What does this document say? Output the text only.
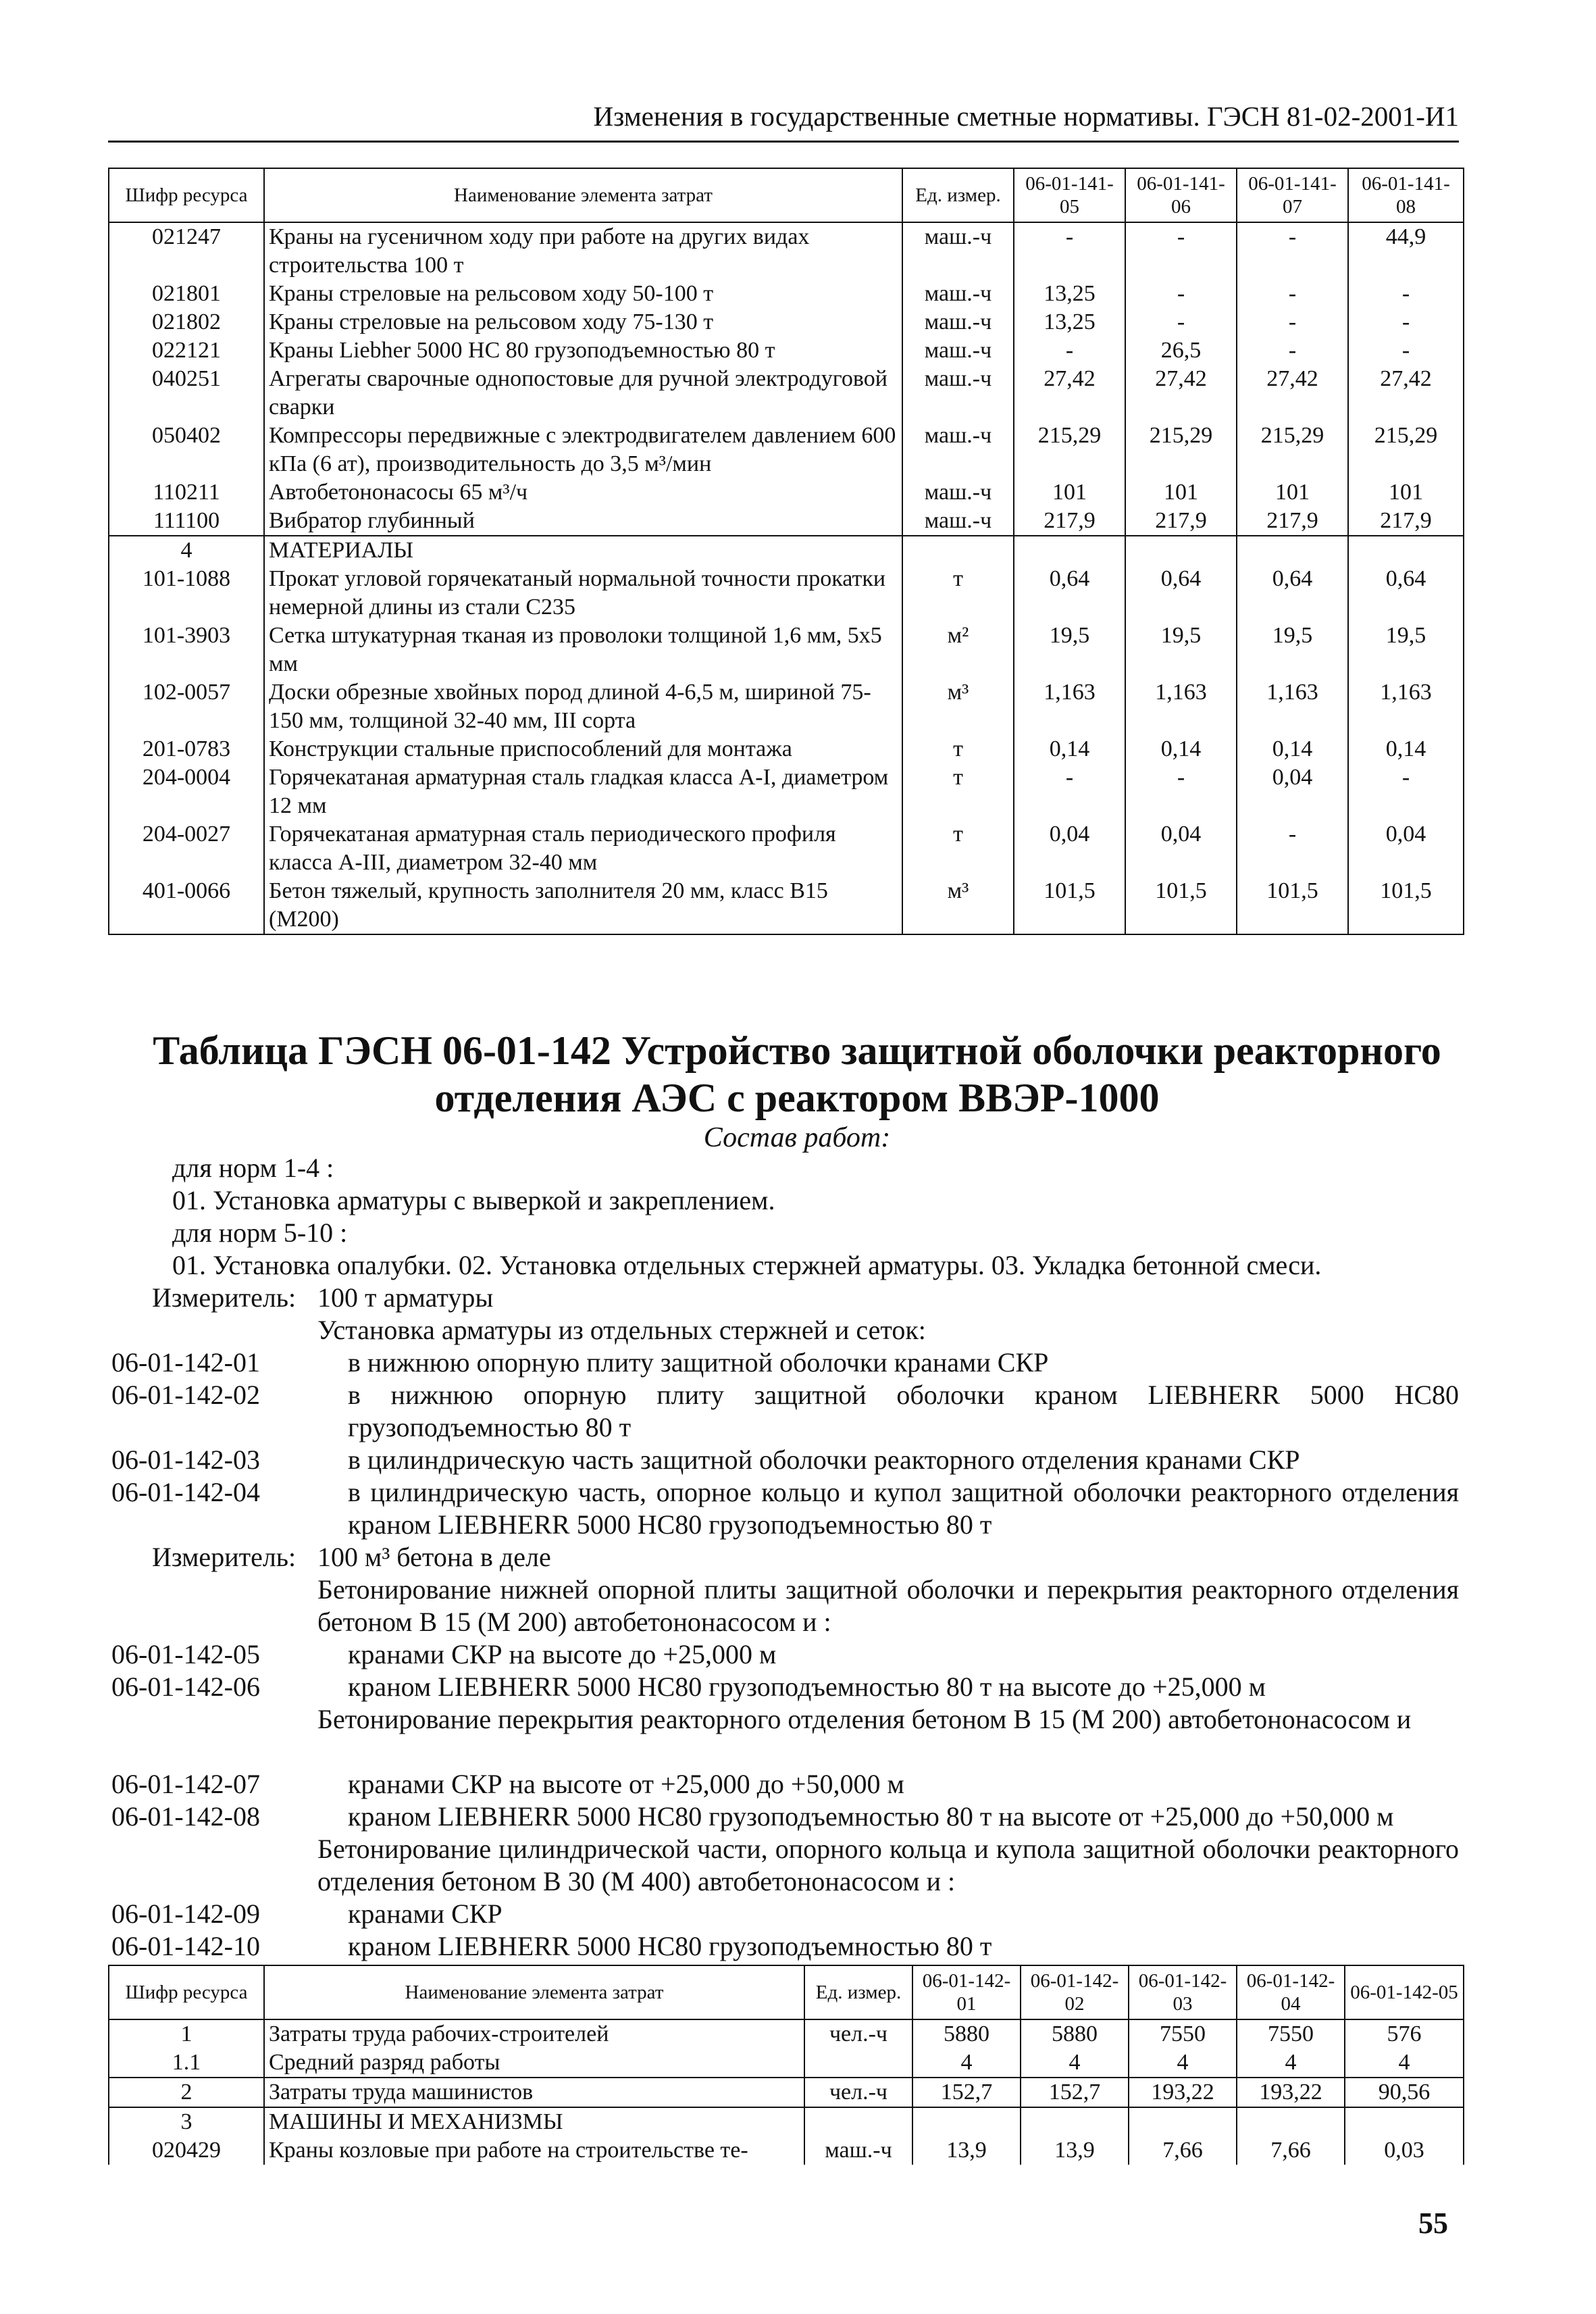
Изменения в государственные сметные нормативы. ГЭСН 81-02-2001-И1
Шифр ресурса	Наименование элемента затрат	Ед. измер.	06-01-141-05	06-01-141-06	06-01-141-07	06-01-141-08
021247	Краны на гусеничном ходу при работе на других видах строительства 100 т	маш.-ч	-	-	-	44,9
021801	Краны стреловые на рельсовом ходу 50-100 т	маш.-ч	13,25	-	-	-
021802	Краны стреловые на рельсовом ходу 75-130 т	маш.-ч	13,25	-	-	-
022121	Краны Liebher 5000 НС 80 грузоподъемностью 80 т	маш.-ч	-	26,5	-	-
040251	Агрегаты сварочные однопостовые для ручной электродуговой сварки	маш.-ч	27,42	27,42	27,42	27,42
050402	Компрессоры передвижные с электродвигателем давлением 600 кПа (6 ат), производительность до 3,5 м³/мин	маш.-ч	215,29	215,29	215,29	215,29
110211	Автобетононасосы 65 м³/ч	маш.-ч	101	101	101	101
111100	Вибратор глубинный	маш.-ч	217,9	217,9	217,9	217,9
4	МАТЕРИАЛЫ					
101-1088	Прокат угловой горячекатаный нормальной точности прокатки немерной длины из стали С235	т	0,64	0,64	0,64	0,64
101-3903	Сетка штукатурная тканая из проволоки толщиной 1,6 мм, 5х5 мм	м²	19,5	19,5	19,5	19,5
102-0057	Доски обрезные хвойных пород длиной 4-6,5 м, шириной 75-150 мм, толщиной 32-40 мм, III сорта	м³	1,163	1,163	1,163	1,163
201-0783	Конструкции стальные приспособлений для монтажа	т	0,14	0,14	0,14	0,14
204-0004	Горячекатаная арматурная сталь гладкая класса А-I, диаметром 12 мм	т	-	-	0,04	-
204-0027	Горячекатаная арматурная сталь периодического профиля класса А-III, диаметром 32-40 мм	т	0,04	0,04	-	0,04
401-0066	Бетон тяжелый, крупность заполнителя 20 мм, класс В15 (М200)	м³	101,5	101,5	101,5	101,5
Таблица ГЭСН 06-01-142 Устройство защитной оболочки реакторного отделения АЭС с реактором ВВЭР-1000
Состав работ:
для норм 1-4 :
01. Установка арматуры с выверкой и закреплением.
для норм 5-10 :
01. Установка опалубки. 02. Установка отдельных стержней арматуры. 03. Укладка бетонной смеси.
Измеритель: 100 т арматуры
Установка арматуры из отдельных стержней и сеток:
06-01-142-01	в нижнюю опорную плиту защитной оболочки кранами СКР
06-01-142-02	в нижнюю опорную плиту защитной оболочки краном LIEBHERR 5000 HC80 грузоподъемностью 80 т
06-01-142-03	в цилиндрическую часть защитной оболочки реакторного отделения кранами СКР
06-01-142-04	в цилиндрическую часть, опорное кольцо и купол защитной оболочки реакторного отделения краном LIEBHERR 5000 HC80 грузоподъемностью 80 т
Измеритель: 100 м³ бетона в деле
Бетонирование нижней опорной плиты защитной оболочки и перекрытия реакторного отделения бетоном В 15 (М 200) автобетононасосом и :
06-01-142-05	кранами СКР на высоте до +25,000 м
06-01-142-06	краном LIEBHERR 5000 HC80 грузоподъемностью 80 т на высоте до +25,000 м
Бетонирование перекрытия реакторного отделения бетоном В 15 (М 200) автобетононасосом и
06-01-142-07	кранами СКР на высоте от +25,000 до +50,000 м
06-01-142-08	краном LIEBHERR 5000 HC80 грузоподъемностью 80 т на высоте от +25,000 до +50,000 м
Бетонирование цилиндрической части, опорного кольца и купола защитной оболочки реакторного отделения бетоном В 30 (М 400) автобетононасосом и :
06-01-142-09	кранами СКР
06-01-142-10	краном LIEBHERR 5000 HC80 грузоподъемностью 80 т
Шифр ресурса	Наименование элемента затрат	Ед. измер.	06-01-142-01	06-01-142-02	06-01-142-03	06-01-142-04	06-01-142-05
1	Затраты труда рабочих-строителей	чел.-ч	5880	5880	7550	7550	576
1.1	Средний разряд работы		4	4	4	4	4
2	Затраты труда машинистов	чел.-ч	152,7	152,7	193,22	193,22	90,56
3	МАШИНЫ И МЕХАНИЗМЫ						
020429	Краны козловые при работе на строительстве те-	маш.-ч	13,9	13,9	7,66	7,66	0,03
55
